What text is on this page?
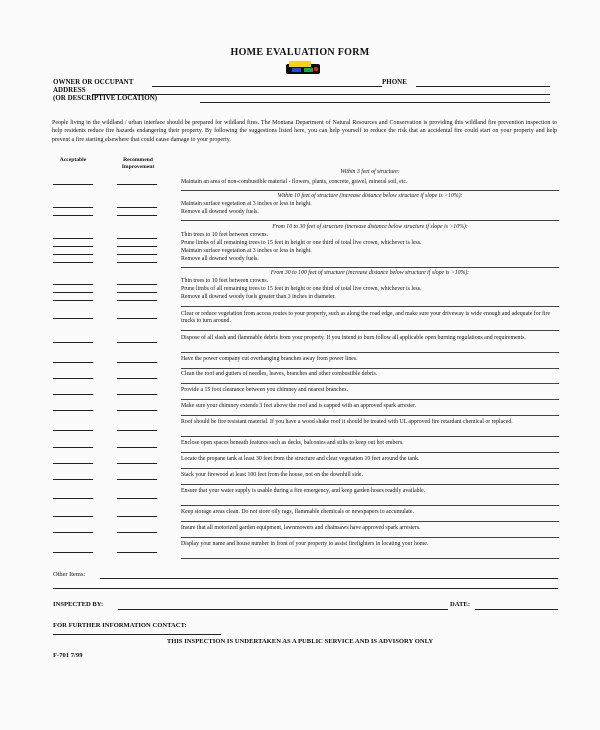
HOME EVALUATION FORM
OWNER OR OCCUPANT	PHONE
ADDRESS
(OR DESCRIPTIVE LOCATION)
People living in the wildland / urban interface should be prepared for wildland fires. The Montana Department of Natural Resources and Conservation is providing this wildland fire prevention inspection to help residents reduce fire hazards endangering their property. By following the suggestions listed here, you can help yourself to reduce the risk that an accidental fire could start on your property and help prevent a fire starting elsewhere that could cause damage to your property.
Acceptable	Recommend
Improvement
Within 3 feet of structure:
Maintain an area of non-combustible material - flowers, plants, concrete, gravel, mineral soil, etc.
Within 10 feet of structure (increase distance below structure if slope is >10%):
Maintain surface vegetation at 3 inches or less in height.
Remove all downed woody fuels.
From 10 to 30 feet of structure (increase distance below structure if slope is >10%):
Thin trees to 10 feet between crowns.
Prune limbs of all remaining trees to 15 feet in height or one third of total live crown, whichever is less.
Maintain surface vegetation at 3 inches or less in height.
Remove all downed woody fuels.
From 30 to 100 feet of structure (increase distance below structure if slope is >10%):
Thin trees to 10 feet between crowns.
Prune limbs of all remaining trees to 15 feet in height or one third of total live crown, whichever is less.
Remove all downed woody fuels greater than 3 inches in diameter.
Clear or reduce vegetation from access routes to your property, such as along the road edge, and make sure your driveway is wide enough and adequate for fire trucks to turn around.
Dispose of all slash and flammable debris from your property. If you intend to burn follow all applicable open burning regulations and requirements.
Have the power company cut overhanging branches away from power lines.
Clean the roof and gutters of needles, leaves, branches and other combustible debris.
Provide a 15 foot clearance between you chimney and nearest branches.
Make sure your chimney extends 3 feet above the roof and is capped with an approved spark arrester.
Roof should be fire resistant material. If you have a wood shake roof it should be treated with UL approved fire retardant chemical or replaced.
Enclose open spaces beneath features such as decks, balconies and stilts to keep out hot embers.
Locate the propane tank at least 30 feet from the structure and clear vegetation 10 feet around the tank.
Stack your firewood at least 100 feet from the house, not on the downhill side.
Ensure that your water supply is usable during a fire emergency, and keep garden hoses readily available.
Keep storage areas clean. Do not store oily rags, flammable chemicals or newspapers to accumulate.
Insure that all motorized garden equipment, lawnmowers and chainsaws have approved spark arresters.
Display your name and house number in front of your property to assist firefighters in locating your home.
Other Items:
INSPECTED BY:	DATE:
FOR FURTHER INFORMATION CONTACT:
THIS INSPECTION IS UNDERTAKEN AS A PUBLIC SERVICE AND IS ADVISORY ONLY
F-701 7/99
